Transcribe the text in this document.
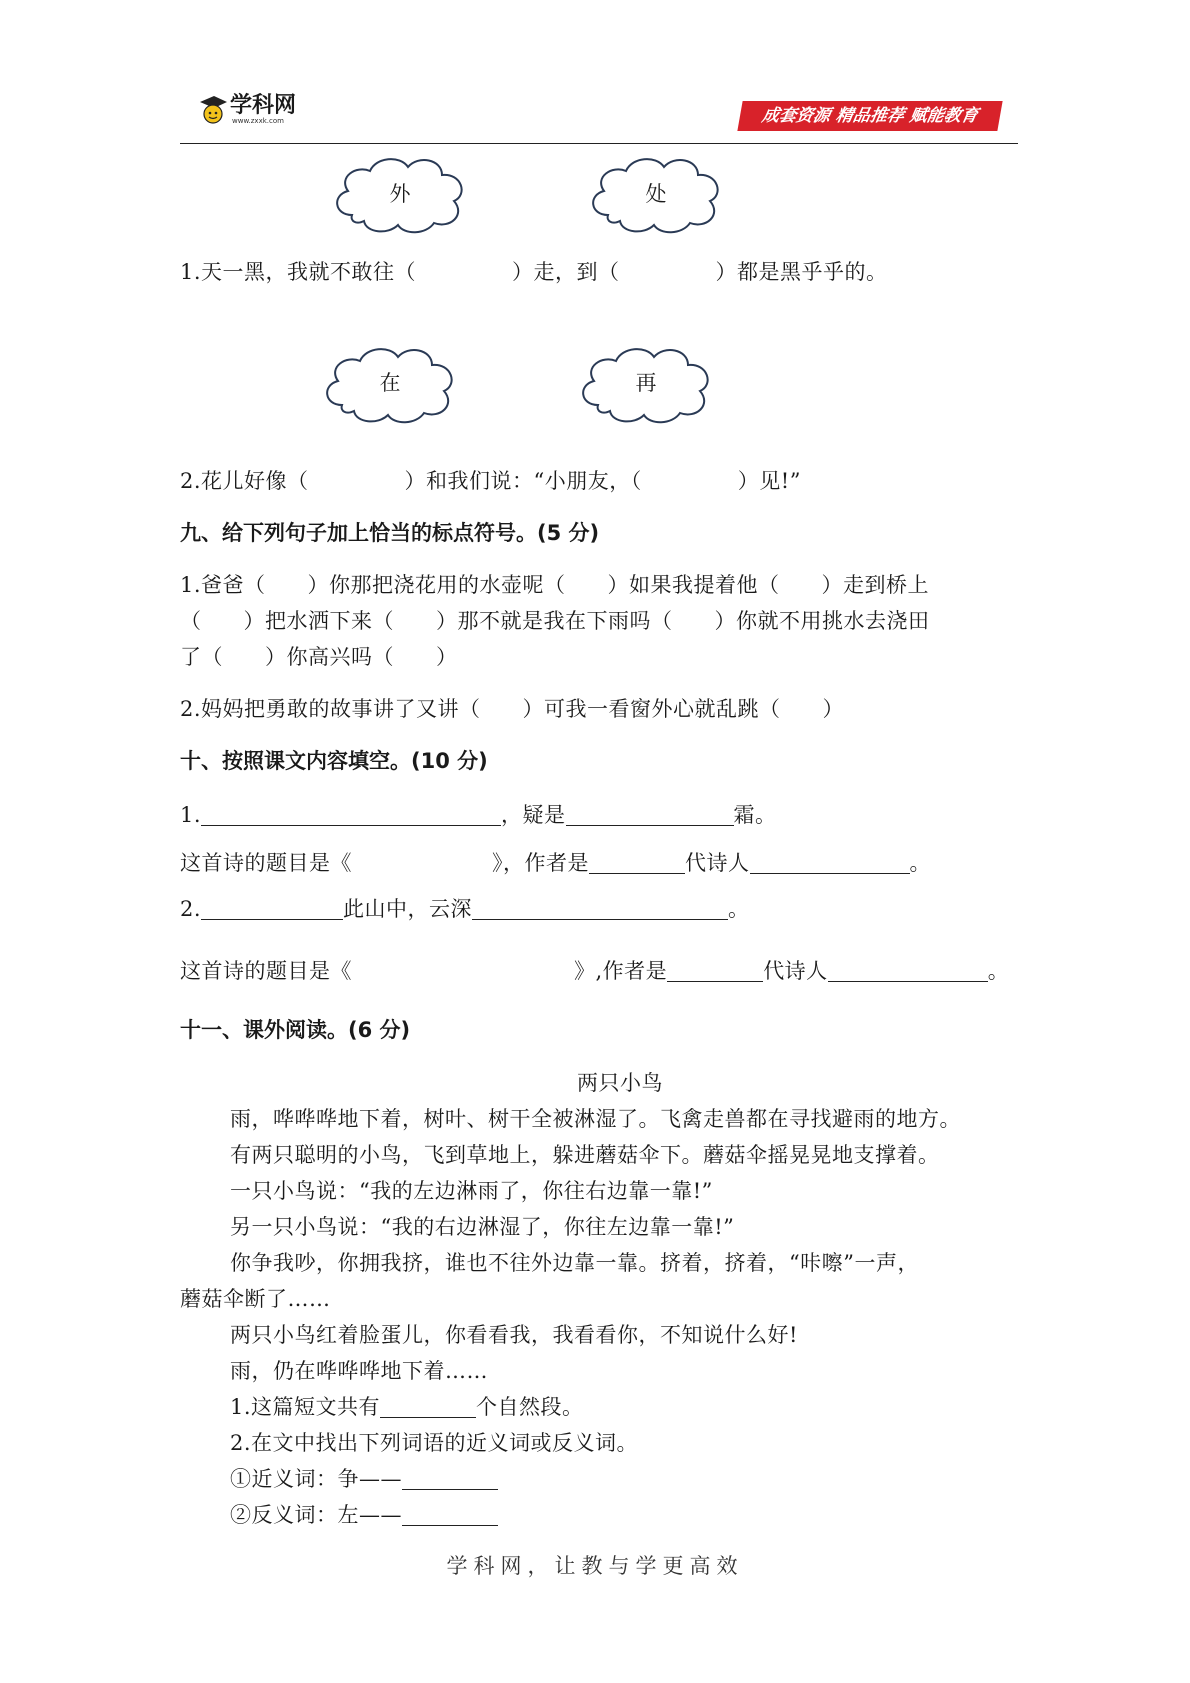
学科网
www.zxxk.com	成套资源 精品推荐 赋能教育
外	处
1.天一黑，我就不敢往（	）走，到（	）都是黑乎乎的。
在	再
2.花儿好像（	）和我们说：“小朋友，（	）见!”
九、给下列句子加上恰当的标点符号。(5 分)
1.爸爸（ ）你那把浇花用的水壶呢（ ）如果我提着他（ ）走到桥上
（ ）把水洒下来（ ）那不就是我在下雨吗（ ）你就不用挑水去浇田
了（ ）你高兴吗（ ）
2.妈妈把勇敢的故事讲了又讲（ ）可我一看窗外心就乱跳（ ）
十、按照课文内容填空。(10 分)
1.	，疑是	霜。
这首诗的题目是《	》，作者是	代诗人	。
2.	此山中，云深	。
这首诗的题目是《	》,作者是	代诗人	。
十一、课外阅读。(6 分)
两只小鸟
雨，哗哗哗地下着，树叶、树干全被淋湿了。飞禽走兽都在寻找避雨的地方。
有两只聪明的小鸟，飞到草地上，躲进蘑菇伞下。蘑菇伞摇晃晃地支撑着。
一只小鸟说：“我的左边淋雨了，你往右边靠一靠!”
另一只小鸟说：“我的右边淋湿了，你往左边靠一靠!”
你争我吵，你拥我挤，谁也不往外边靠一靠。挤着，挤着，“咔嚓”一声，
蘑菇伞断了……
两只小鸟红着脸蛋儿，你看看我，我看看你，不知说什么好!
雨，仍在哗哗哗地下着……
1.这篇短文共有	个自然段。
2.在文中找出下列词语的近义词或反义词。
①近义词：争——
②反义词：左——
学科网，让教与学更高效
